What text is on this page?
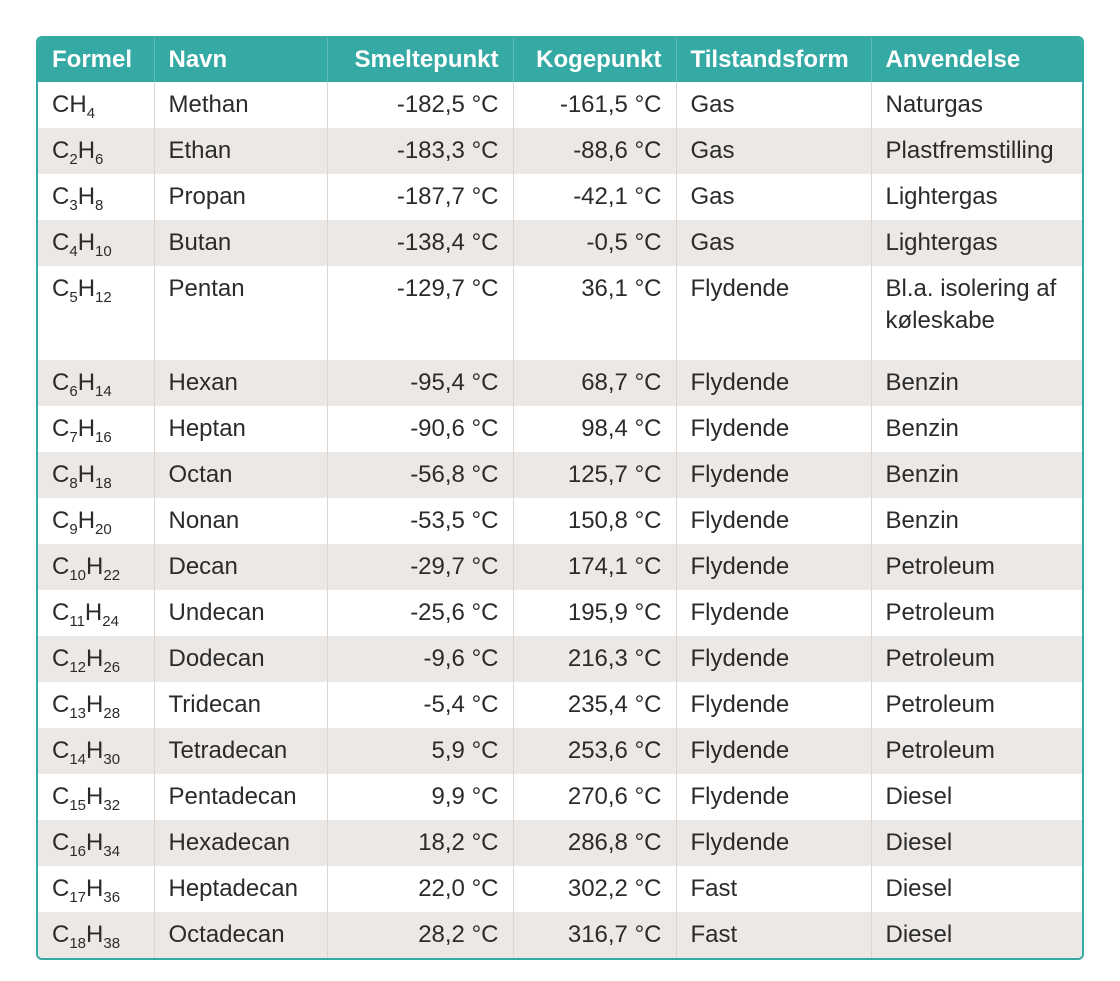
Formel	Navn	Smeltepunkt	Kogepunkt	Tilstandsform	Anvendelse
$CH_4$	Methan	-182,5 °C	-161,5 °C	Gas	Naturgas
$C_2H_6$	Ethan	-183,3 °C	-88,6 °C	Gas	Plastfremstilling
$C_3H_8$	Propan	-187,7 °C	-42,1 °C	Gas	Lightergas
$C_4H_{10}$	Butan	-138,4 °C	-0,5 °C	Gas	Lightergas
$C_5H_{12}$	Pentan	-129,7 °C	36,1 °C	Flydende	Bl.a. isolering af køleskabe
$C_6H_{14}$	Hexan	-95,4 °C	68,7 °C	Flydende	Benzin
$C_7H_{16}$	Heptan	-90,6 °C	98,4 °C	Flydende	Benzin
$C_8H_{18}$	Octan	-56,8 °C	125,7 °C	Flydende	Benzin
$C_9H_{20}$	Nonan	-53,5 °C	150,8 °C	Flydende	Benzin
$C_{10}H_{22}$	Decan	-29,7 °C	174,1 °C	Flydende	Petroleum
$C_{11}H_{24}$	Undecan	-25,6 °C	195,9 °C	Flydende	Petroleum
$C_{12}H_{26}$	Dodecan	-9,6 °C	216,3 °C	Flydende	Petroleum
$C_{13}H_{28}$	Tridecan	-5,4 °C	235,4 °C	Flydende	Petroleum
$C_{14}H_{30}$	Tetradecan	5,9 °C	253,6 °C	Flydende	Petroleum
$C_{15}H_{32}$	Pentadecan	9,9 °C	270,6 °C	Flydende	Diesel
$C_{16}H_{34}$	Hexadecan	18,2 °C	286,8 °C	Flydende	Diesel
$C_{17}H_{36}$	Heptadecan	22,0 °C	302,2 °C	Fast	Diesel
$C_{18}H_{38}$	Octadecan	28,2 °C	316,7 °C	Fast	Diesel
